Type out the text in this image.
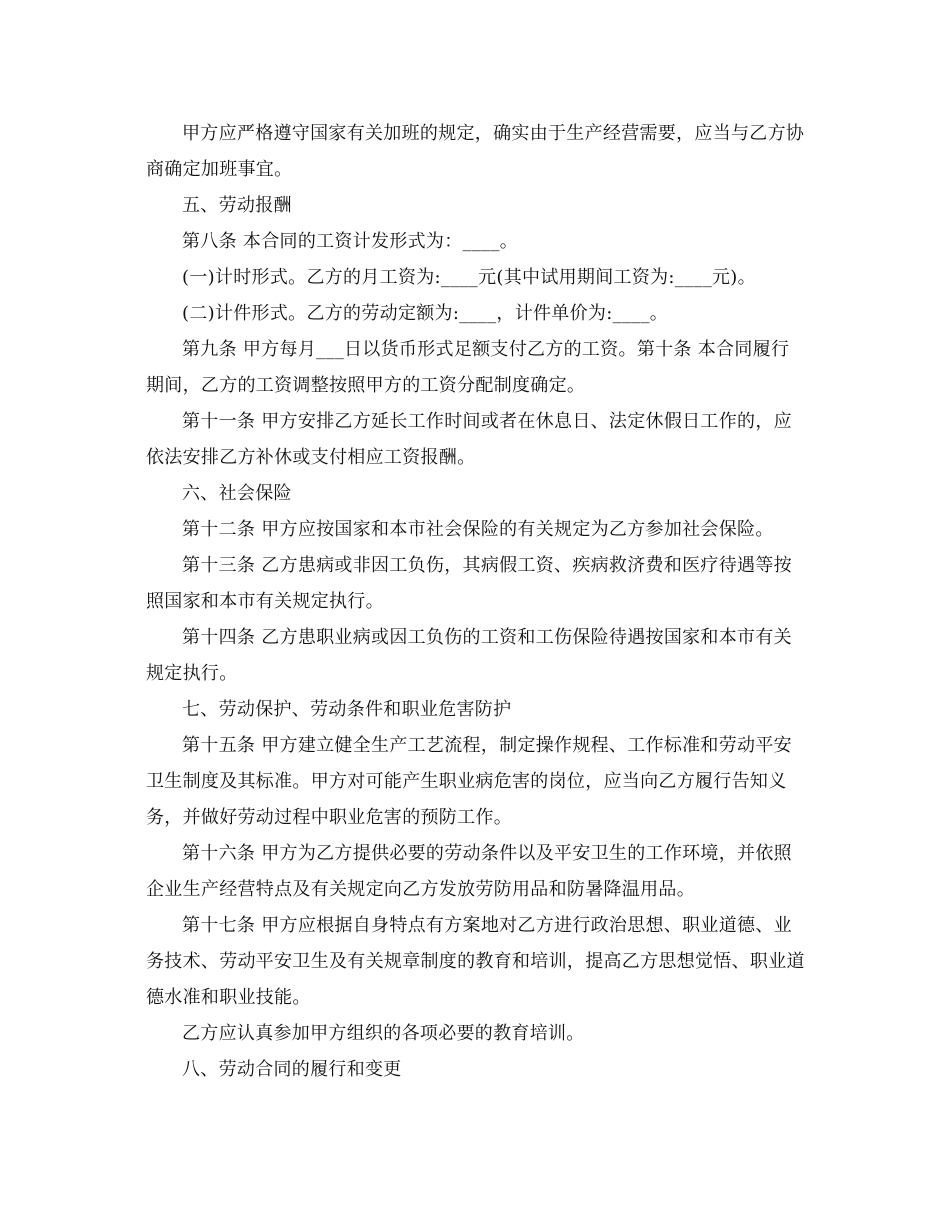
甲方应严格遵守国家有关加班的规定，确实由于生产经营需要，应当与乙方协商确定加班事宜。

五、劳动报酬

第八条 本合同的工资计发形式为：____。

(一)计时形式。乙方的月工资为:____元(其中试用期间工资为:____元)。

(二)计件形式。乙方的劳动定额为:____，计件单价为:____。

第九条 甲方每月___日以货币形式足额支付乙方的工资。第十条 本合同履行期间，乙方的工资调整按照甲方的工资分配制度确定。

第十一条 甲方安排乙方延长工作时间或者在休息日、法定休假日工作的，应依法安排乙方补休或支付相应工资报酬。

六、社会保险

第十二条 甲方应按国家和本市社会保险的有关规定为乙方参加社会保险。

第十三条 乙方患病或非因工负伤，其病假工资、疾病救济费和医疗待遇等按照国家和本市有关规定执行。

第十四条 乙方患职业病或因工负伤的工资和工伤保险待遇按国家和本市有关规定执行。

七、劳动保护、劳动条件和职业危害防护

第十五条 甲方建立健全生产工艺流程，制定操作规程、工作标准和劳动平安卫生制度及其标准。甲方对可能产生职业病危害的岗位，应当向乙方履行告知义务，并做好劳动过程中职业危害的预防工作。

第十六条 甲方为乙方提供必要的劳动条件以及平安卫生的工作环境，并依照企业生产经营特点及有关规定向乙方发放劳防用品和防暑降温用品。

第十七条 甲方应根据自身特点有方案地对乙方进行政治思想、职业道德、业务技术、劳动平安卫生及有关规章制度的教育和培训，提高乙方思想觉悟、职业道德水准和职业技能。

乙方应认真参加甲方组织的各项必要的教育培训。

八、劳动合同的履行和变更
